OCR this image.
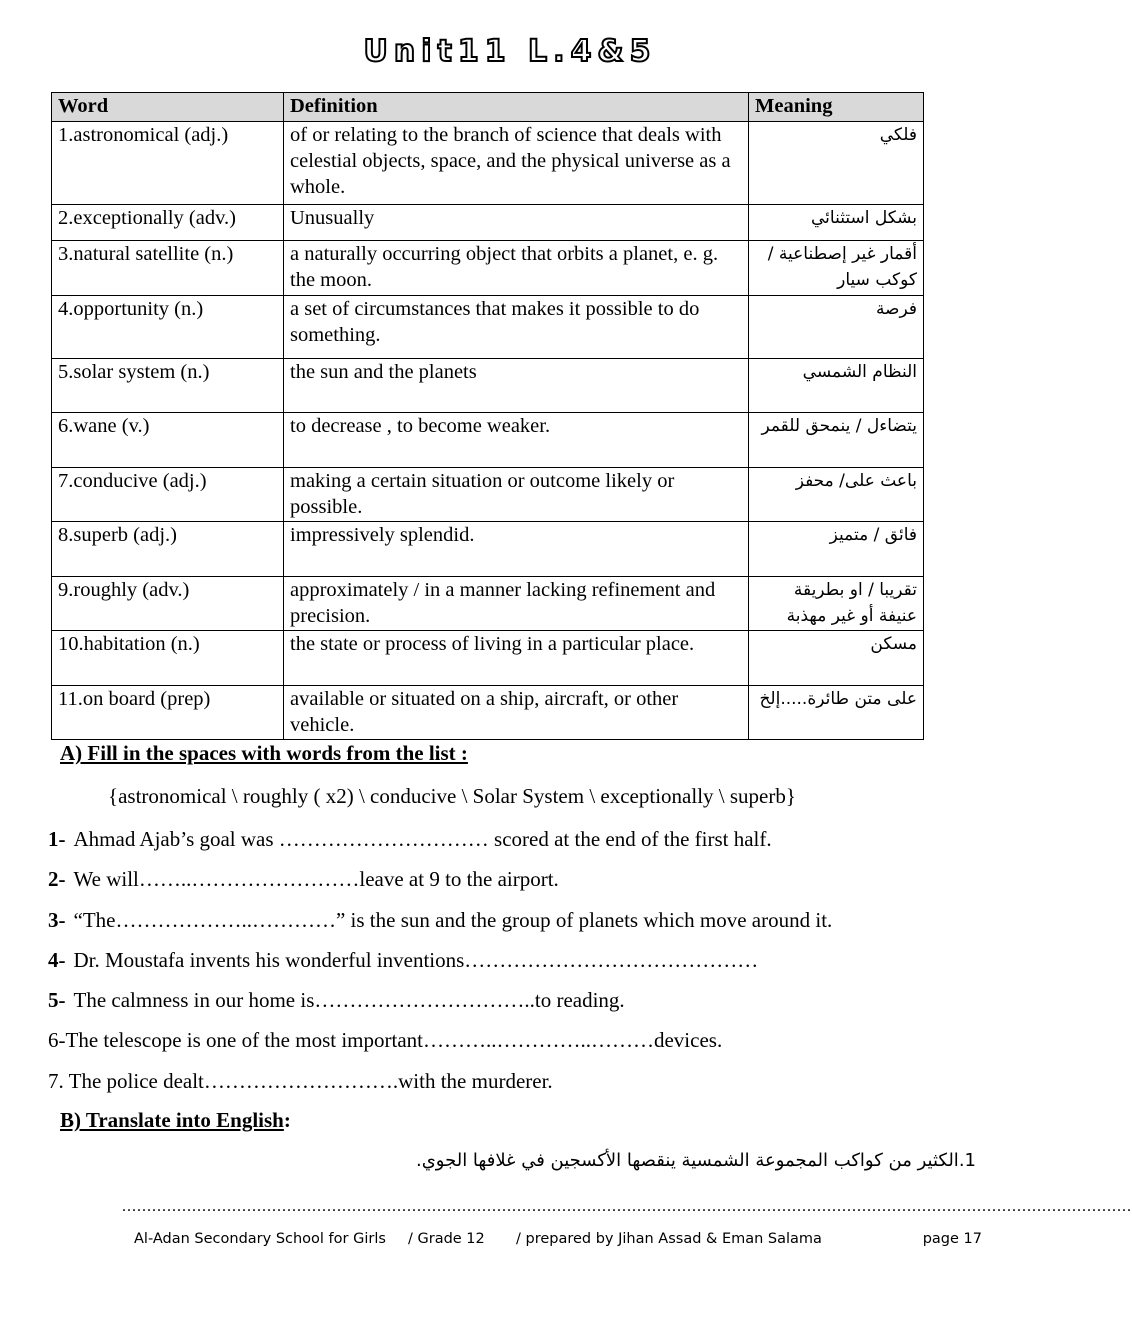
Unit11 L.4&5
Word	Definition	Meaning
1.astronomical (adj.)	of or relating to the branch of science that deals with celestial objects, space, and the physical universe as a whole.	فلكي
2.exceptionally (adv.)	Unusually	بشكل استثنائي
3.natural satellite (n.)	a naturally occurring object that orbits a planet, e. g. the moon.	أقمار غير إصطناعية / كوكب سيار
4.opportunity (n.)	a set of circumstances that makes it possible to do something.	فرصة
5.solar system (n.)	the sun and the planets	النظام الشمسي
6.wane (v.)	to decrease , to become weaker.	يتضاءل / ينمحق للقمر
7.conducive (adj.)	making a certain situation or outcome likely or possible.	باعث على/ محفز
8.superb (adj.)	impressively splendid.	فائق / متميز
9.roughly (adv.)	approximately / in a manner lacking refinement and precision.	تقريبا / او بطريقة عنيفة أو غير مهذبة
10.habitation (n.)	the state or process of living in a particular place.	مسكن
11.on board (prep)	available or situated on a ship, aircraft, or other vehicle.	على متن طائرة.....إلخ
A) Fill in the spaces with words from the list :
{astronomical \ roughly ( x2) \ conducive \ Solar System \ exceptionally \ superb}
1- Ahmad Ajab’s goal was ………………………… scored at the end of the first half.
2- We will……..……………………leave at 9 to the airport.
3- “The………………..…………” is the sun and the group of planets which move around it.
4- Dr. Moustafa invents his wonderful inventions……………………………………
5- The calmness in our home is…………………………..to reading.
6-The telescope is one of the most important………..…………..………devices.
7. The police dealt……………………….with the murderer.
B) Translate into English:
1.الكثير من كواكب المجموعة الشمسية ينقصها الأكسجين في غلافها الجوي.
..........................................................................................................................................................................................................
Al-Adan Secondary School for Girls	/ Grade 12	/ prepared by Jihan Assad & Eman Salama	page 17
